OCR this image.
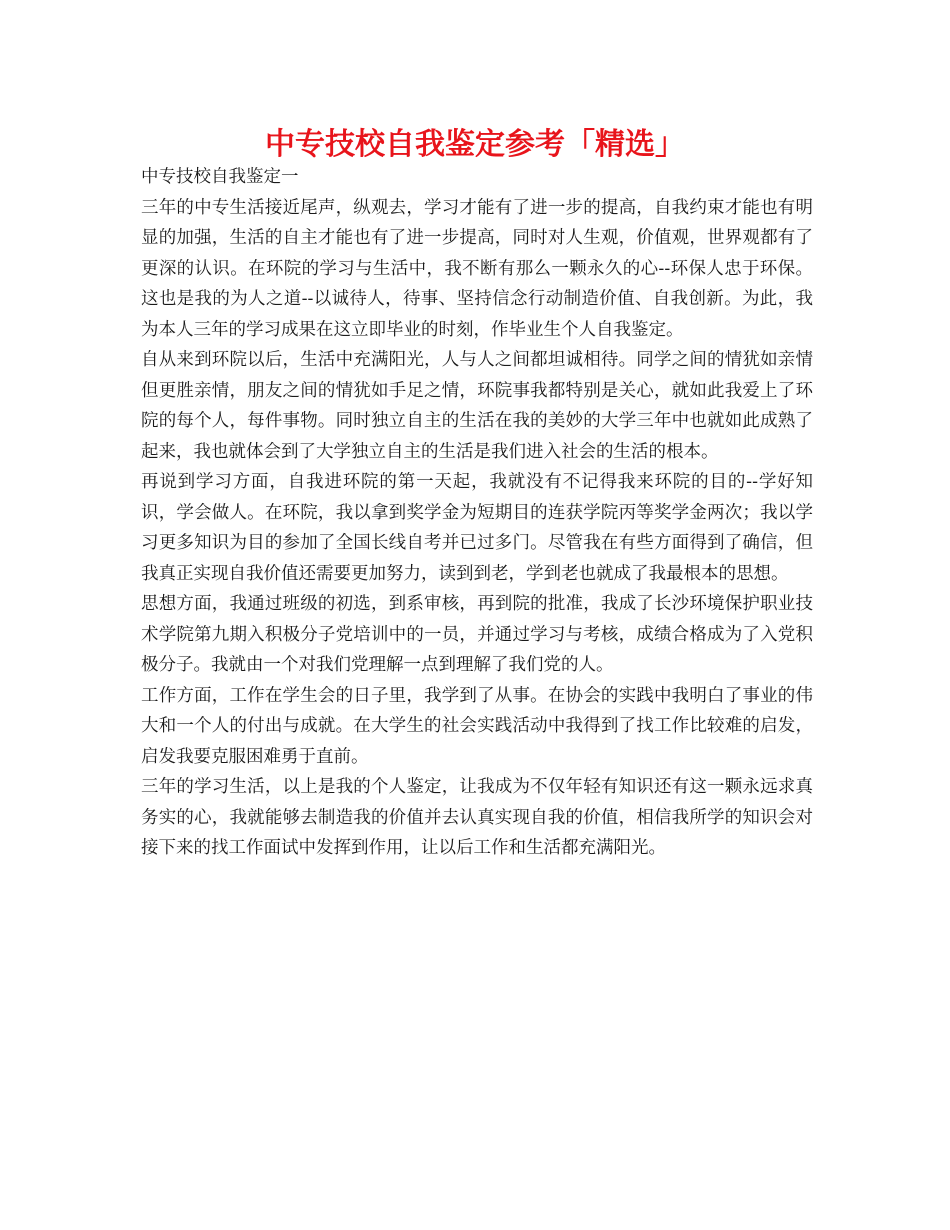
中专技校自我鉴定参考「精选」

中专技校自我鉴定一

三年的中专生活接近尾声，纵观去，学习才能有了进一步的提高，自我约束才能也有明显的加强，生活的自主才能也有了进一步提高，同时对人生观，价值观，世界观都有了更深的认识。在环院的学习与生活中，我不断有那么一颗永久的心--环保人忠于环保。这也是我的为人之道--以诚待人，待事、坚持信念行动制造价值、自我创新。为此，我为本人三年的学习成果在这立即毕业的时刻，作毕业生个人自我鉴定。

自从来到环院以后，生活中充满阳光，人与人之间都坦诚相待。同学之间的情犹如亲情但更胜亲情，朋友之间的情犹如手足之情，环院事我都特别是关心，就如此我爱上了环院的每个人，每件事物。同时独立自主的生活在我的美妙的大学三年中也就如此成熟了起来，我也就体会到了大学独立自主的生活是我们进入社会的生活的根本。

再说到学习方面，自我进环院的第一天起，我就没有不记得我来环院的目的--学好知识，学会做人。在环院，我以拿到奖学金为短期目的连获学院丙等奖学金两次；我以学习更多知识为目的参加了全国长线自考并已过多门。尽管我在有些方面得到了确信，但我真正实现自我价值还需要更加努力，读到到老，学到老也就成了我最根本的思想。

思想方面，我通过班级的初选，到系审核，再到院的批准，我成了长沙环境保护职业技术学院第九期入积极分子党培训中的一员，并通过学习与考核，成绩合格成为了入党积极分子。我就由一个对我们党理解一点到理解了我们党的人。

工作方面，工作在学生会的日子里，我学到了从事。在协会的实践中我明白了事业的伟大和一个人的付出与成就。在大学生的社会实践活动中我得到了找工作比较难的启发，启发我要克服困难勇于直前。

三年的学习生活，以上是我的个人鉴定，让我成为不仅年轻有知识还有这一颗永远求真务实的心，我就能够去制造我的价值并去认真实现自我的价值，相信我所学的知识会对接下来的找工作面试中发挥到作用，让以后工作和生活都充满阳光。
